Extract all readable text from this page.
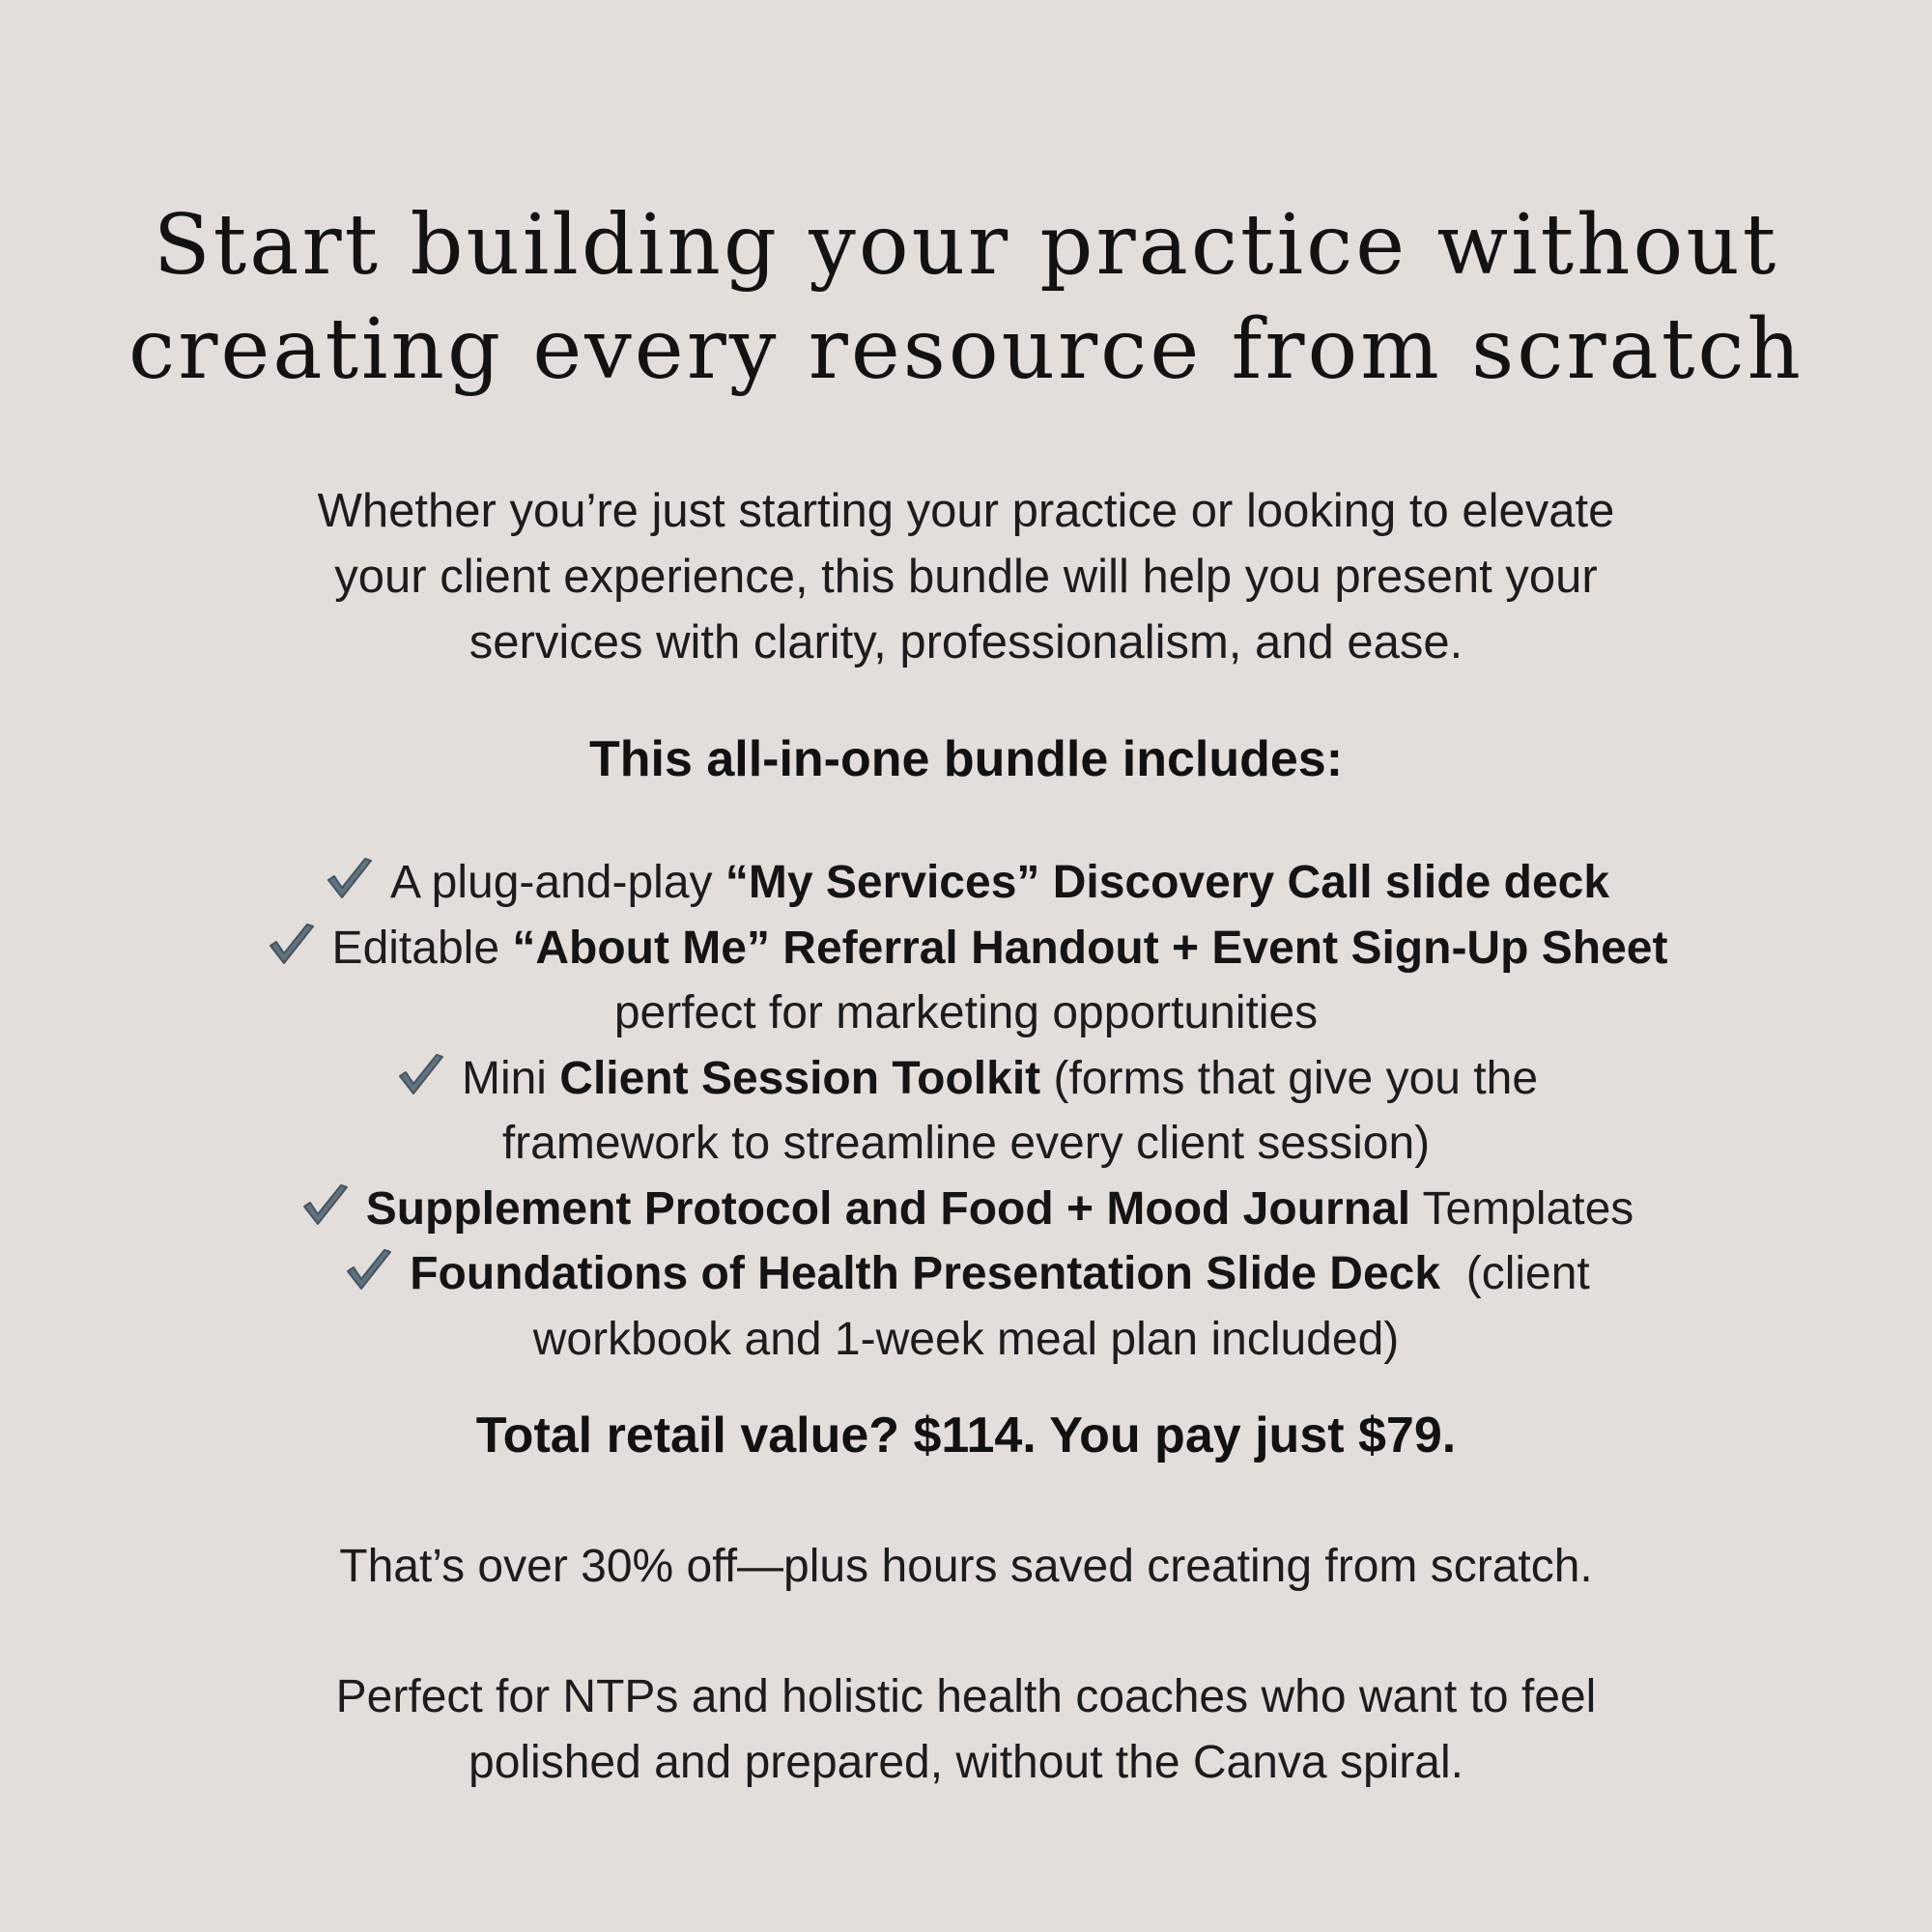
Start building your practice without
creating every resource from scratch

Whether you’re just starting your practice or looking to elevate
your client experience, this bundle will help you present your
services with clarity, professionalism, and ease.

This all-in-one bundle includes:
A plug-and-play “My Services” Discovery Call slide deck
Editable “About Me” Referral Handout + Event Sign-Up Sheet
perfect for marketing opportunities
Mini Client Session Toolkit (forms that give you the
framework to streamline every client session)
Supplement Protocol and Food + Mood Journal Templates
Foundations of Health Presentation Slide Deck  (client
workbook and 1-week meal plan included)

Total retail value? $114. You pay just $79.

That’s over 30% off—plus hours saved creating from scratch.

Perfect for NTPs and holistic health coaches who want to feel
polished and prepared, without the Canva spiral.
